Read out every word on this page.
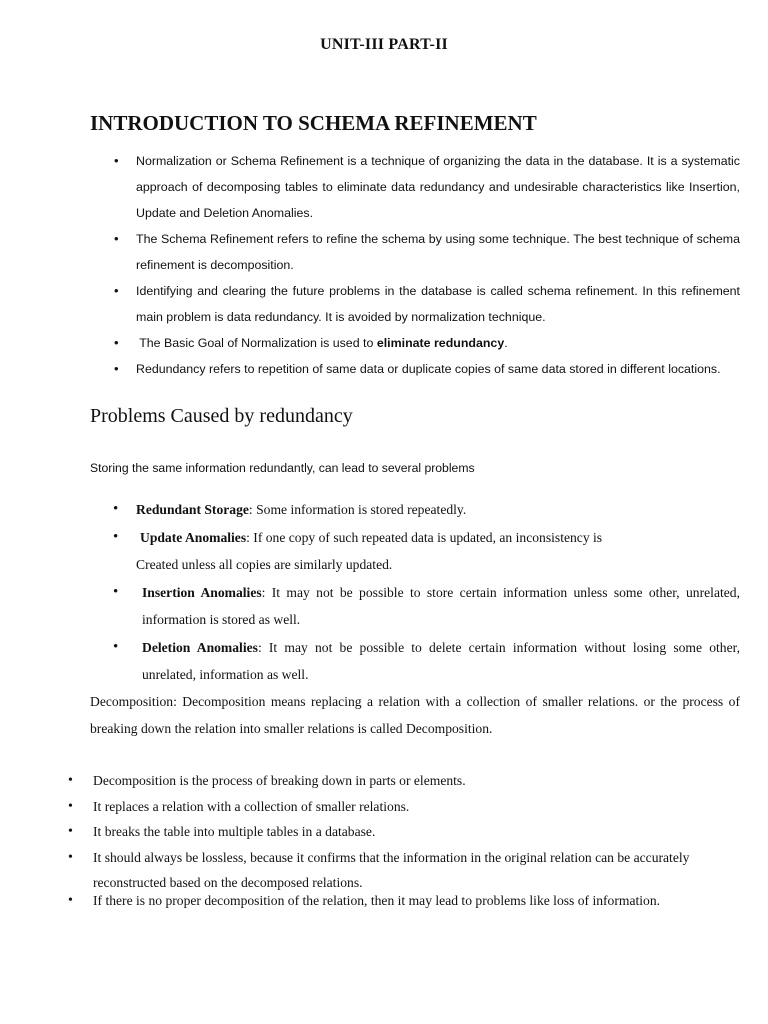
UNIT-III PART-II
INTRODUCTION TO SCHEMA REFINEMENT
• Normalization or Schema Refinement is a technique of organizing the data in the database. It is a systematic approach of decomposing tables to eliminate data redundancy and undesirable characteristics like Insertion, Update and Deletion Anomalies.
• The Schema Refinement refers to refine the schema by using some technique. The best technique of schema refinement is decomposition.
• Identifying and clearing the future problems in the database is called schema refinement. In this refinement main problem is data redundancy. It is avoided by normalization technique.
•  The Basic Goal of Normalization is used to eliminate redundancy.
• Redundancy refers to repetition of same data or duplicate copies of same data stored in different locations.
Problems Caused by redundancy
Storing the same information redundantly, can lead to several problems
• Redundant Storage: Some information is stored repeatedly.
• Update Anomalies: If one copy of such repeated data is updated, an inconsistency is
Created unless all copies are similarly updated.
• Insertion Anomalies: It may not be possible to store certain information unless some other, unrelated, information is stored as well.
• Deletion Anomalies: It may not be possible to delete certain information without losing some other, unrelated, information as well.

Decomposition: Decomposition means replacing a relation with a collection of smaller relations. or the process of breaking down the relation into smaller relations is called Decomposition.

• Decomposition is the process of breaking down in parts or elements.
• It replaces a relation with a collection of smaller relations.
• It breaks the table into multiple tables in a database.
• It should always be lossless, because it confirms that the information in the original relation can be accurately reconstructed based on the decomposed relations.
• If there is no proper decomposition of the relation, then it may lead to problems like loss of information.
